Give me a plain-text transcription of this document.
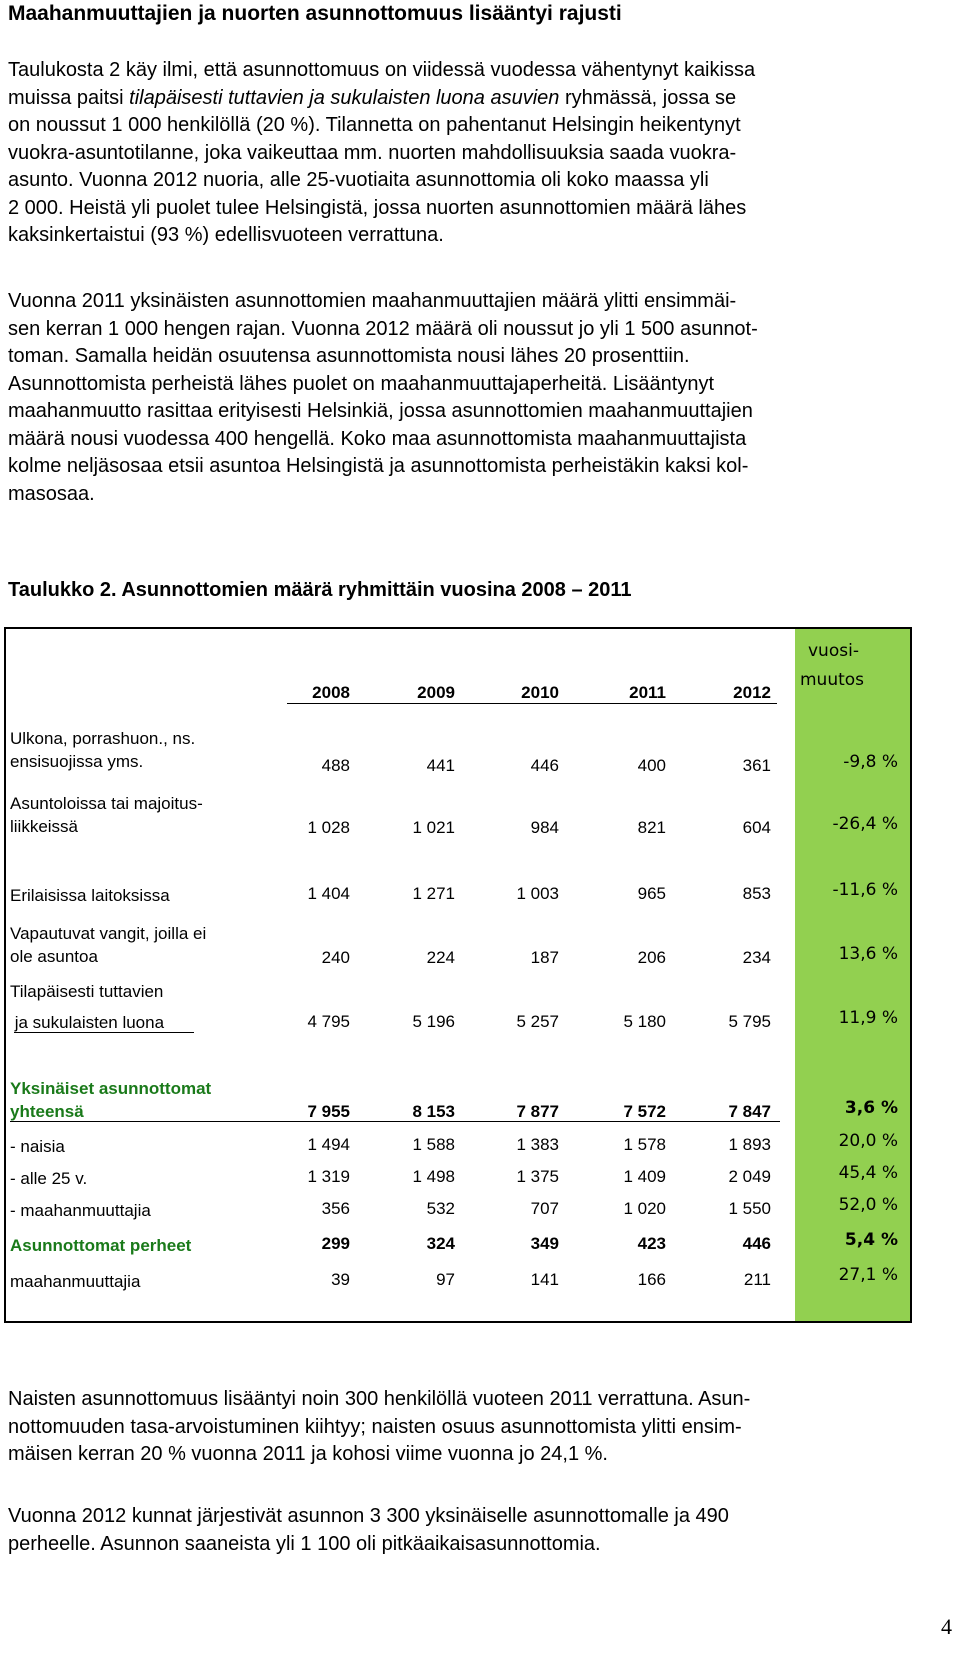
Maahanmuuttajien ja nuorten asunnottomuus lisääntyi rajusti
Taulukosta 2 käy ilmi, että asunnottomuus on viidessä vuodessa vähentynyt kaikissa
muissa paitsi tilapäisesti tuttavien ja sukulaisten luona asuvien ryhmässä, jossa se
on noussut 1 000 henkilöllä (20 %). Tilannetta on pahentanut Helsingin heikentynyt
vuokra-asuntotilanne, joka vaikeuttaa mm. nuorten mahdollisuuksia saada vuokra-
asunto. Vuonna 2012 nuoria, alle 25-vuotiaita asunnottomia oli koko maassa yli
2 000. Heistä yli puolet tulee Helsingistä, jossa nuorten asunnottomien määrä lähes
kaksinkertaistui (93 %) edellisvuoteen verrattuna.
Vuonna 2011 yksinäisten asunnottomien maahanmuuttajien määrä ylitti ensimmäi-
sen kerran 1 000 hengen rajan. Vuonna 2012 määrä oli noussut jo yli 1 500 asunnot-
toman. Samalla heidän osuutensa asunnottomista nousi lähes 20 prosenttiin.
Asunnottomista perheistä lähes puolet on maahanmuuttajaperheitä. Lisääntynyt
maahanmuutto rasittaa erityisesti Helsinkiä, jossa asunnottomien maahanmuuttajien
määrä nousi vuodessa 400 hengellä. Koko maa asunnottomista maahanmuuttajista
kolme neljäsosaa etsii asuntoa Helsingistä ja asunnottomista perheistäkin kaksi kol-
masosaa.
Taulukko 2. Asunnottomien määrä ryhmittäin vuosina 2008 – 2011
2008	2009	2010	2011	2012
vuosi-
muutos
Ulkona, porrashuon., ns.
ensisuojissa yms.	488	441	446	400	361	-9,8 %
Asuntoloissa tai majoitus-
liikkeissä	1 028	1 021	984	821	604	-26,4 %
Erilaisissa laitoksissa	1 404	1 271	1 003	965	853	-11,6 %
Vapautuvat vangit, joilla ei
ole asuntoa	240	224	187	206	234	13,6 %
Tilapäisesti tuttavien
ja sukulaisten luona	4 795	5 196	5 257	5 180	5 795	11,9 %
Yksinäiset asunnottomat
yhteensä	7 955	8 153	7 877	7 572	7 847	3,6 %
- naisia	1 494	1 588	1 383	1 578	1 893	20,0 %
- alle 25 v.	1 319	1 498	1 375	1 409	2 049	45,4 %
- maahanmuuttajia	356	532	707	1 020	1 550	52,0 %
Asunnottomat perheet	299	324	349	423	446	5,4 %
maahanmuuttajia	39	97	141	166	211	27,1 %
Naisten asunnottomuus lisääntyi noin 300 henkilöllä vuoteen 2011 verrattuna. Asun-
nottomuuden tasa-arvoistuminen kiihtyy; naisten osuus asunnottomista ylitti ensim-
mäisen kerran 20 % vuonna 2011 ja kohosi viime vuonna jo 24,1 %.
Vuonna 2012 kunnat järjestivät asunnon 3 300 yksinäiselle asunnottomalle ja 490
perheelle. Asunnon saaneista yli 1 100 oli pitkäaikaisasunnottomia.
4
